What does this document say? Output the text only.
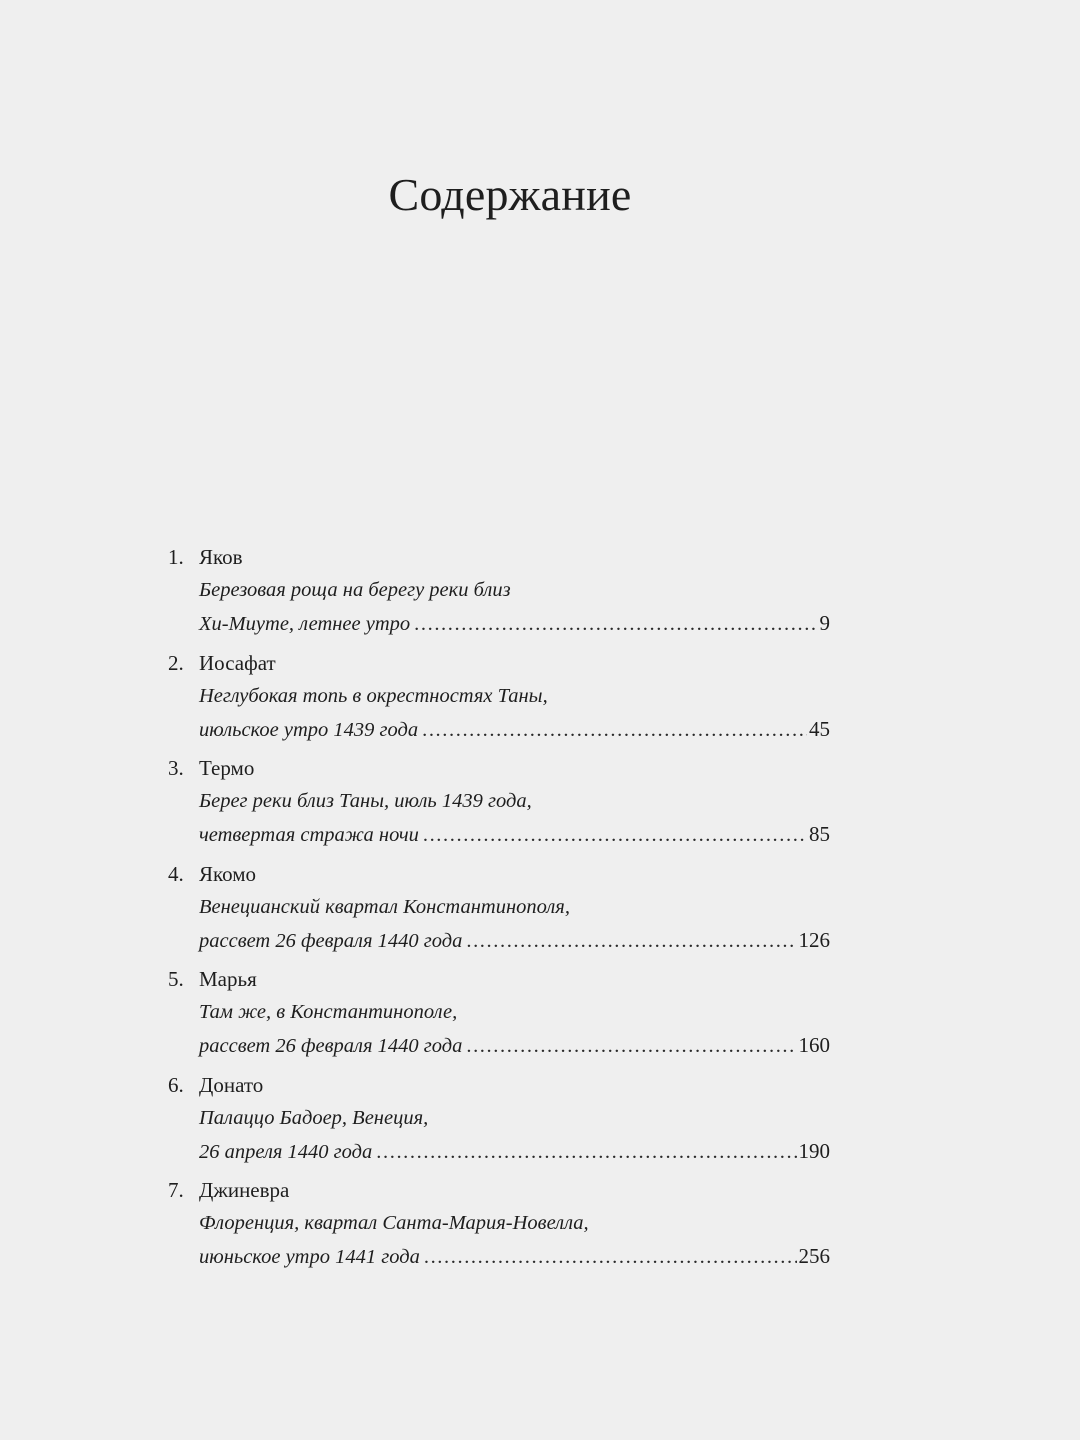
Содержание
1. Яков
Березовая роща на берегу реки близ
Хи-Миуте, летнее утро .....	9
2. Иосафат
Неглубокая топь в окрестностях Таны,
июльское утро 1439 года .....	45
3. Термо
Берег реки близ Таны, июль 1439 года,
четвертая стража ночи .....	85
4. Якомо
Венецианский квартал Константинополя,
рассвет 26 февраля 1440 года .....	126
5. Марья
Там же, в Константинополе,
рассвет 26 февраля 1440 года .....	160
6. Донато
Палаццо Бадоер, Венеция,
26 апреля 1440 года .....	190
7. Джиневра
Флоренция, квартал Санта-Мария-Новелла,
июньское утро 1441 года .....	256
